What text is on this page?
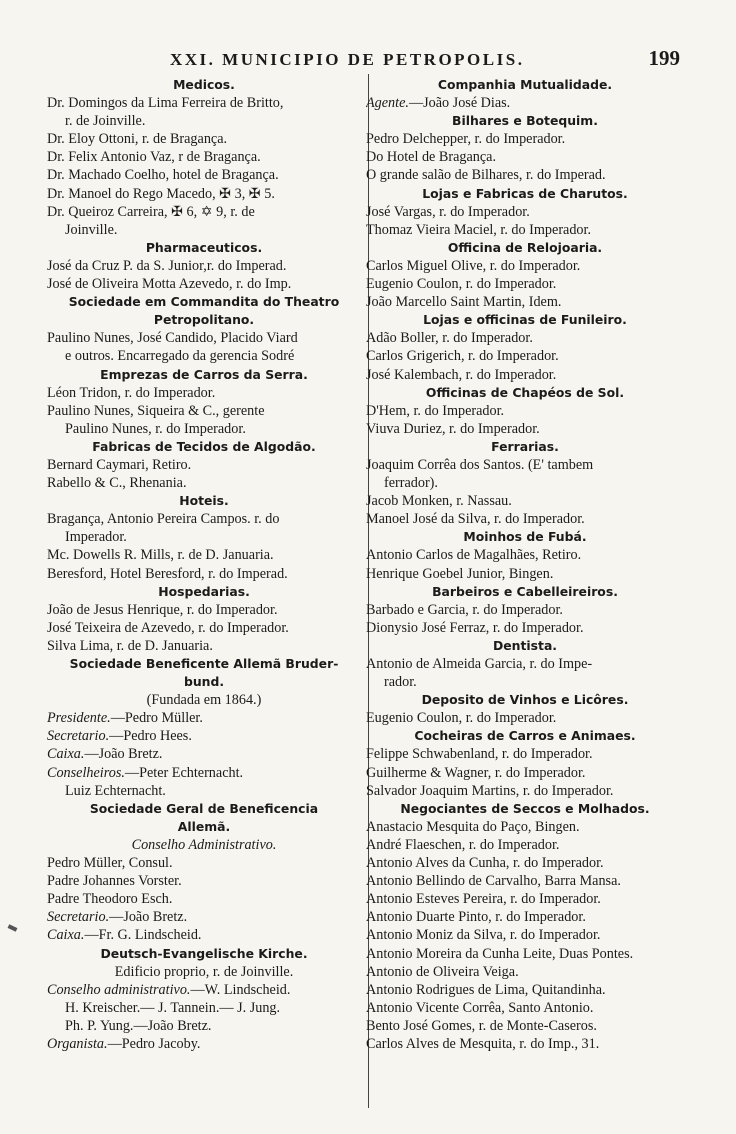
XXI. MUNICIPIO DE PETROPOLIS.	199
Medicos.
Dr. Domingos da Lima Ferreira de Britto,
r. de Joinville.
Dr. Eloy Ottoni, r. de Bragança.
Dr. Felix Antonio Vaz, r de Bragança.
Dr. Machado Coelho, hotel de Bragança.
Dr. Manoel do Rego Macedo, ✠ 3, ✠ 5.
Dr. Queiroz Carreira, ✠ 6, ✡ 9, r. de
Joinville.
Pharmaceuticos.
José da Cruz P. da S. Junior,r. do Imperad.
José de Oliveira Motta Azevedo, r. do Imp.
Sociedade em Commandita do Theatro
Petropolitano.
Paulino Nunes, José Candido, Placido Viard
e outros. Encarregado da gerencia Sodré
Emprezas de Carros da Serra.
Léon Tridon, r. do Imperador.
Paulino Nunes, Siqueira & C., gerente
Paulino Nunes, r. do Imperador.
Fabricas de Tecidos de Algodão.
Bernard Caymari, Retiro.
Rabello & C., Rhenania.
Hoteis.
Bragança, Antonio Pereira Campos. r. do
Imperador.
Mc. Dowells R. Mills, r. de D. Januaria.
Beresford, Hotel Beresford, r. do Imperad.
Hospedarias.
João de Jesus Henrique, r. do Imperador.
José Teixeira de Azevedo, r. do Imperador.
Silva Lima, r. de D. Januaria.
Sociedade Beneficente Allemã Bruder-
bund.
(Fundada em 1864.)
Presidente.—Pedro Müller.
Secretario.—Pedro Hees.
Caixa.—João Bretz.
Conselheiros.—Peter Echternacht.
Luiz Echternacht.
Sociedade Geral de Beneficencia
Allemã.
Conselho Administrativo.
Pedro Müller, Consul.
Padre Johannes Vorster.
Padre Theodoro Esch.
Secretario.—João Bretz.
Caixa.—Fr. G. Lindscheid.
Deutsch-Evangelische Kirche.
Edificio proprio, r. de Joinville.
Conselho administrativo.—W. Lindscheid.
H. Kreischer.— J. Tannein.— J. Jung.
Ph. P. Yung.—João Bretz.
Organista.—Pedro Jacoby.
Companhia Mutualidade.
Agente.—João José Dias.
Bilhares e Botequim.
Pedro Delchepper, r. do Imperador.
Do Hotel de Bragança.
O grande salão de Bilhares, r. do Imperad.
Lojas e Fabricas de Charutos.
José Vargas, r. do Imperador.
Thomaz Vieira Maciel, r. do Imperador.
Officina de Relojoaria.
Carlos Miguel Olive, r. do Imperador.
Eugenio Coulon, r. do Imperador.
João Marcello Saint Martin, Idem.
Lojas e officinas de Funileiro.
Adão Boller, r. do Imperador.
Carlos Grigerich, r. do Imperador.
José Kalembach, r. do Imperador.
Officinas de Chapéos de Sol.
D'Hem, r. do Imperador.
Viuva Duriez, r. do Imperador.
Ferrarias.
Joaquim Corrêa dos Santos. (E' tambem
ferrador).
Jacob Monken, r. Nassau.
Manoel José da Silva, r. do Imperador.
Moinhos de Fubá.
Antonio Carlos de Magalhães, Retiro.
Henrique Goebel Junior, Bingen.
Barbeiros e Cabelleireiros.
Barbado e Garcia, r. do Imperador.
Dionysio José Ferraz, r. do Imperador.
Dentista.
Antonio de Almeida Garcia, r. do Impe-
rador.
Deposito de Vinhos e Licôres.
Eugenio Coulon, r. do Imperador.
Cocheiras de Carros e Animaes.
Felippe Schwabenland, r. do Imperador.
Guilherme & Wagner, r. do Imperador.
Salvador Joaquim Martins, r. do Imperador.
Negociantes de Seccos e Molhados.
Anastacio Mesquita do Paço, Bingen.
André Flaeschen, r. do Imperador.
Antonio Alves da Cunha, r. do Imperador.
Antonio Bellindo de Carvalho, Barra Mansa.
Antonio Esteves Pereira, r. do Imperador.
Antonio Duarte Pinto, r. do Imperador.
Antonio Moniz da Silva, r. do Imperador.
Antonio Moreira da Cunha Leite, Duas Pontes.
Antonio de Oliveira Veiga.
Antonio Rodrigues de Lima, Quitandinha.
Antonio Vicente Corrêa, Santo Antonio.
Bento José Gomes, r. de Monte-Caseros.
Carlos Alves de Mesquita, r. do Imp., 31.
